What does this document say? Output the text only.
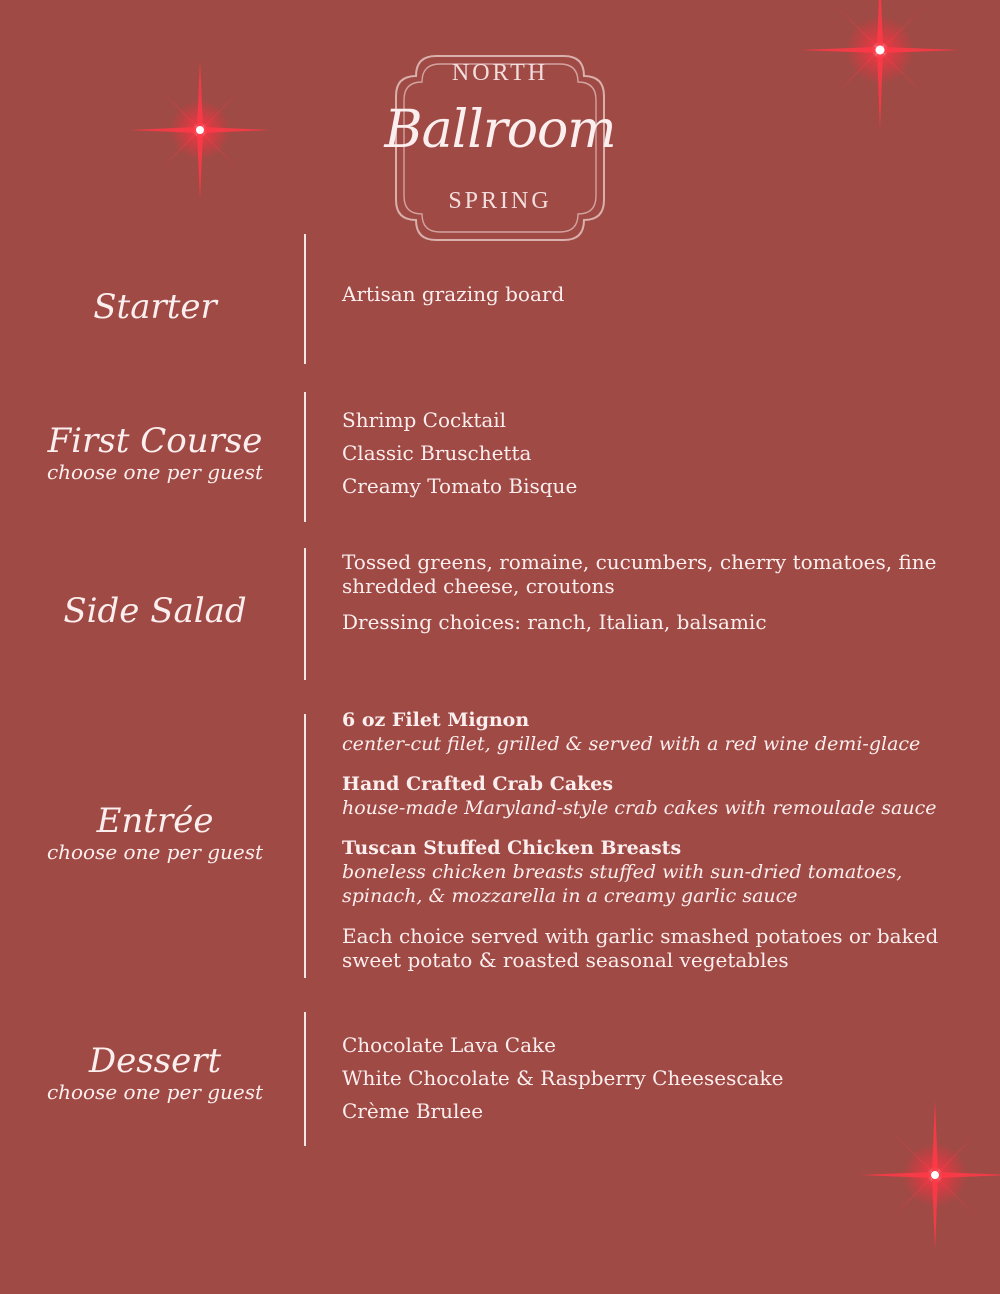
NORTH
Ballroom
SPRING
Starter	Artisan grazing board
First Course
choose one per guest
Shrimp Cocktail
Classic Bruschetta
Creamy Tomato Bisque
Side Salad
Tossed greens, romaine, cucumbers, cherry tomatoes, fine shredded cheese, croutons
Dressing choices: ranch, Italian, balsamic
Entrée
choose one per guest
6 oz Filet Mignon
center-cut filet, grilled & served with a red wine demi-glace
Hand Crafted Crab Cakes
house-made Maryland-style crab cakes with remoulade sauce
Tuscan Stuffed Chicken Breasts
boneless chicken breasts stuffed with sun-dried tomatoes, spinach, & mozzarella in a creamy garlic sauce
Each choice served with garlic smashed potatoes or baked sweet potato & roasted seasonal vegetables
Dessert
choose one per guest
Chocolate Lava Cake
White Chocolate & Raspberry Cheesescake
Crème Brulee
